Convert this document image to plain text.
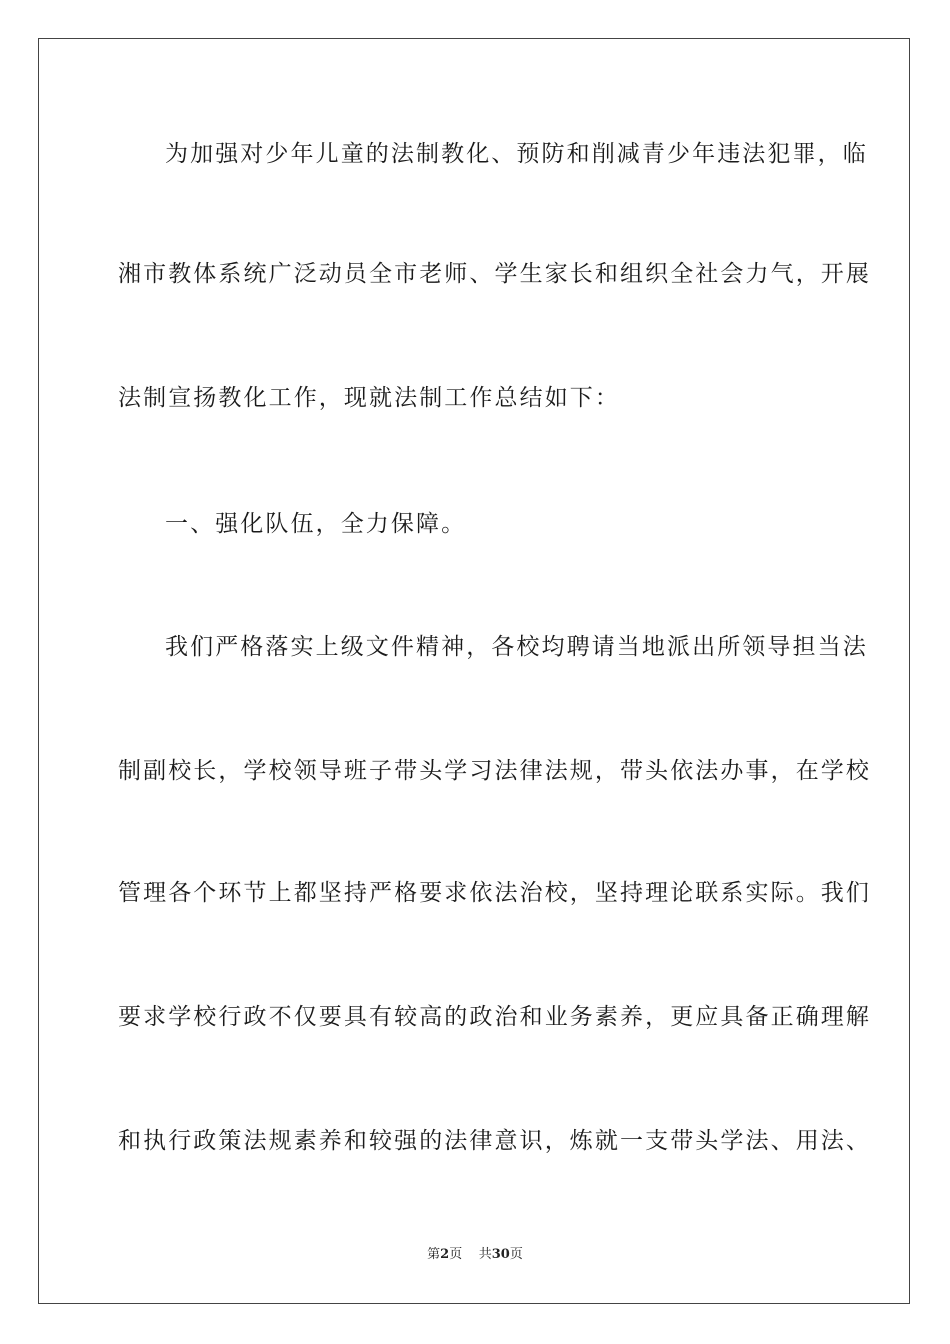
为加强对少年儿童的法制教化、预防和削减青少年违法犯罪，临
湘市教体系统广泛动员全市老师、学生家长和组织全社会力气，开展
法制宣扬教化工作，现就法制工作总结如下：
一、强化队伍，全力保障。
我们严格落实上级文件精神，各校均聘请当地派出所领导担当法
制副校长，学校领导班子带头学习法律法规，带头依法办事，在学校
管理各个环节上都坚持严格要求依法治校，坚持理论联系实际。我们
要求学校行政不仅要具有较高的政治和业务素养，更应具备正确理解
和执行政策法规素养和较强的法律意识，炼就一支带头学法、用法、
第2页 共30页
